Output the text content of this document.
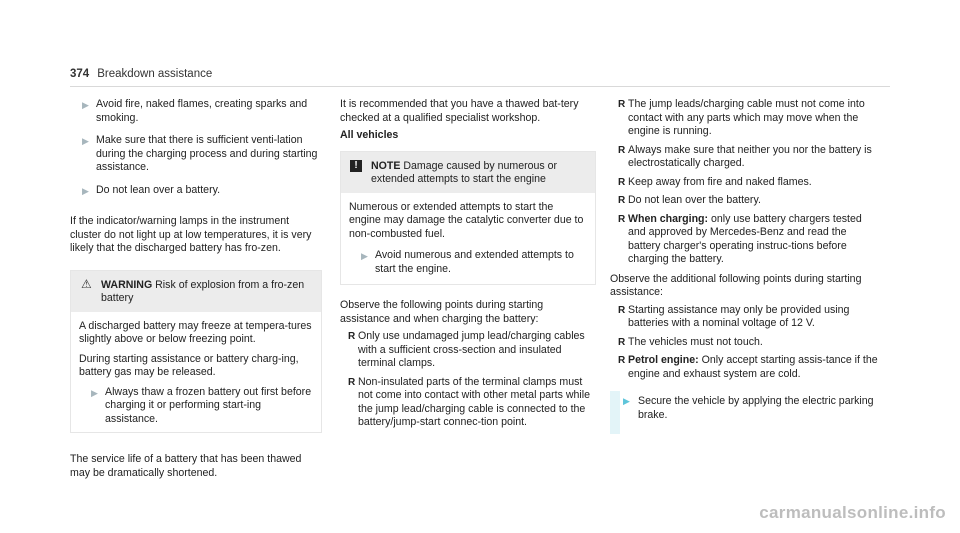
374 Breakdown assistance
▶ Avoid fire, naked flames, creating sparks and smoking.
▶ Make sure that there is sufficient venti-lation during the charging process and during starting assistance.
▶ Do not lean over a battery.

If the indicator/warning lamps in the instrument cluster do not light up at low temperatures, it is very likely that the discharged battery has fro-zen.

⚠ WARNING Risk of explosion from a fro-zen battery

A discharged battery may freeze at tempera-tures slightly above or below freezing point.

During starting assistance or battery charg-ing, battery gas may be released.

▶ Always thaw a frozen battery out first before charging it or performing start-ing assistance.

The service life of a battery that has been thawed may be dramatically shortened.

It is recommended that you have a thawed bat-tery checked at a qualified specialist workshop.

All vehicles
!	NOTE Damage caused by numerous or extended attempts to start the engine

Numerous or extended attempts to start the engine may damage the catalytic converter due to non-combusted fuel.

▶ Avoid numerous and extended attempts to start the engine.

Observe the following points during starting assistance and when charging the battery:

R Only use undamaged jump lead/charging cables with a sufficient cross-section and insulated terminal clamps.
R Non-insulated parts of the terminal clamps must not come into contact with other metal parts while the jump lead/charging cable is connected to the battery/jump-start connec-tion point.
R The jump leads/charging cable must not come into contact with any parts which may move when the engine is running.
R Always make sure that neither you nor the battery is electrostatically charged.
R Keep away from fire and naked flames.
R Do not lean over the battery.
R When charging: only use battery chargers tested and approved by Mercedes-Benz and read the battery charger's operating instruc-tions before charging the battery.

Observe the additional following points during starting assistance:

R Starting assistance may only be provided using batteries with a nominal voltage of 12 V.
R The vehicles must not touch.
R Petrol engine: Only accept starting assis-tance if the engine and exhaust system are cold.
▶ Secure the vehicle by applying the electric parking brake.
carmanualsonline.info
